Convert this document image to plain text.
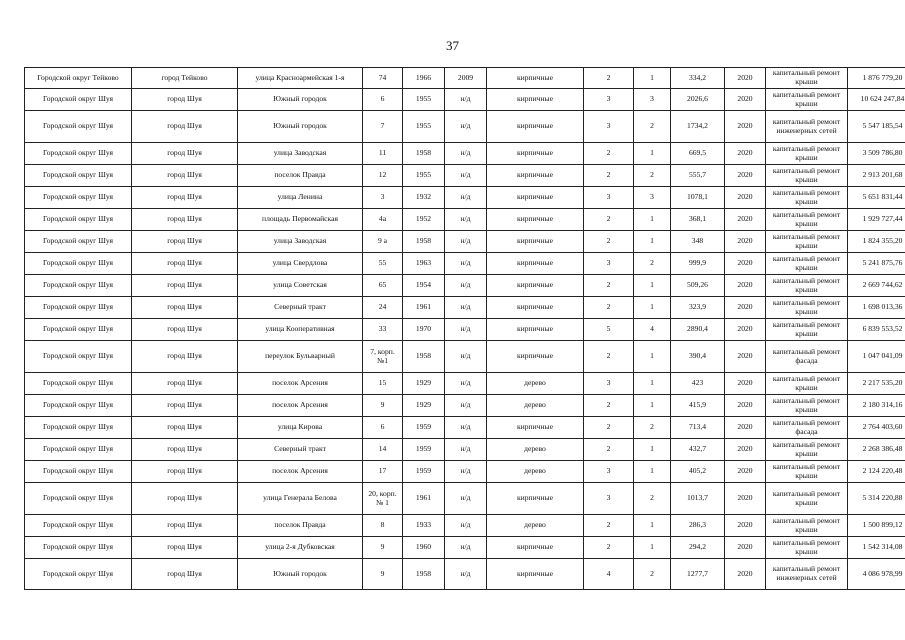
37
Городской округ Тейково	город Тейково	улица Красноармейская 1-я	74	1966	2009	кирпичные	2	1	334,2	2020	капитальный ремонт крыши	1 876 779,20
Городской округ Шуя	город Шуя	Южный городок	6	1955	н/д	кирпичные	3	3	2026,6	2020	капитальный ремонт крыши	10 624 247,84
Городской округ Шуя	город Шуя	Южный городок	7	1955	н/д	кирпичные	3	2	1734,2	2020	капитальный ремонт инженерных сетей	5 547 185,54
Городской округ Шуя	город Шуя	улица Заводская	11	1958	н/д	кирпичные	2	1	669,5	2020	капитальный ремонт крыши	3 509 786,80
Городской округ Шуя	город Шуя	поселок Правда	12	1955	н/д	кирпичные	2	2	555,7	2020	капитальный ремонт крыши	2 913 201,68
Городской округ Шуя	город Шуя	улица Ленина	3	1932	н/д	кирпичные	3	3	1078,1	2020	капитальный ремонт крыши	5 651 831,44
Городской округ Шуя	город Шуя	площадь Первомайская	4а	1952	н/д	кирпичные	2	1	368,1	2020	капитальный ремонт крыши	1 929 727,44
Городской округ Шуя	город Шуя	улица Заводская	9 а	1958	н/д	кирпичные	2	1	348	2020	капитальный ремонт крыши	1 824 355,20
Городской округ Шуя	город Шуя	улица Свердлова	55	1963	н/д	кирпичные	3	2	999,9	2020	капитальный ремонт крыши	5 241 875,76
Городской округ Шуя	город Шуя	улица Советская	65	1954	н/д	кирпичные	2	1	509,26	2020	капитальный ремонт крыши	2 669 744,62
Городской округ Шуя	город Шуя	Северный тракт	24	1961	н/д	кирпичные	2	1	323,9	2020	капитальный ремонт крыши	1 698 013,36
Городской округ Шуя	город Шуя	улица Кооперативная	33	1970	н/д	кирпичные	5	4	2890,4	2020	капитальный ремонт крыши	6 839 553,52
Городской округ Шуя	город Шуя	переулок Бульварный	7, корп. №1	1958	н/д	кирпичные	2	1	390,4	2020	капитальный ремонт фасада	1 047 041,09
Городской округ Шуя	город Шуя	поселок Арсения	15	1929	н/д	дерево	3	1	423	2020	капитальный ремонт крыши	2 217 535,20
Городской округ Шуя	город Шуя	поселок Арсения	9	1929	н/д	дерево	2	1	415,9	2020	капитальный ремонт крыши	2 180 314,16
Городской округ Шуя	город Шуя	улица Кирова	6	1959	н/д	кирпичные	2	2	713,4	2020	капитальный ремонт фасада	2 764 403,60
Городской округ Шуя	город Шуя	Северный тракт	14	1959	н/д	дерево	2	1	432,7	2020	капитальный ремонт крыши	2 268 386,48
Городской округ Шуя	город Шуя	поселок Арсения	17	1959	н/д	дерево	3	1	405,2	2020	капитальный ремонт крыши	2 124 220,48
Городской округ Шуя	город Шуя	улица Генерала Белова	20, корп. № 1	1961	н/д	кирпичные	3	2	1013,7	2020	капитальный ремонт крыши	5 314 220,88
Городской округ Шуя	город Шуя	поселок Правда	8	1933	н/д	дерево	2	1	286,3	2020	капитальный ремонт крыши	1 500 899,12
Городской округ Шуя	город Шуя	улица 2-я Дубковская	9	1960	н/д	кирпичные	2	1	294,2	2020	капитальный ремонт крыши	1 542 314,08
Городской округ Шуя	город Шуя	Южный городок	9	1958	н/д	кирпичные	4	2	1277,7	2020	капитальный ремонт инженерных сетей	4 086 978,99
